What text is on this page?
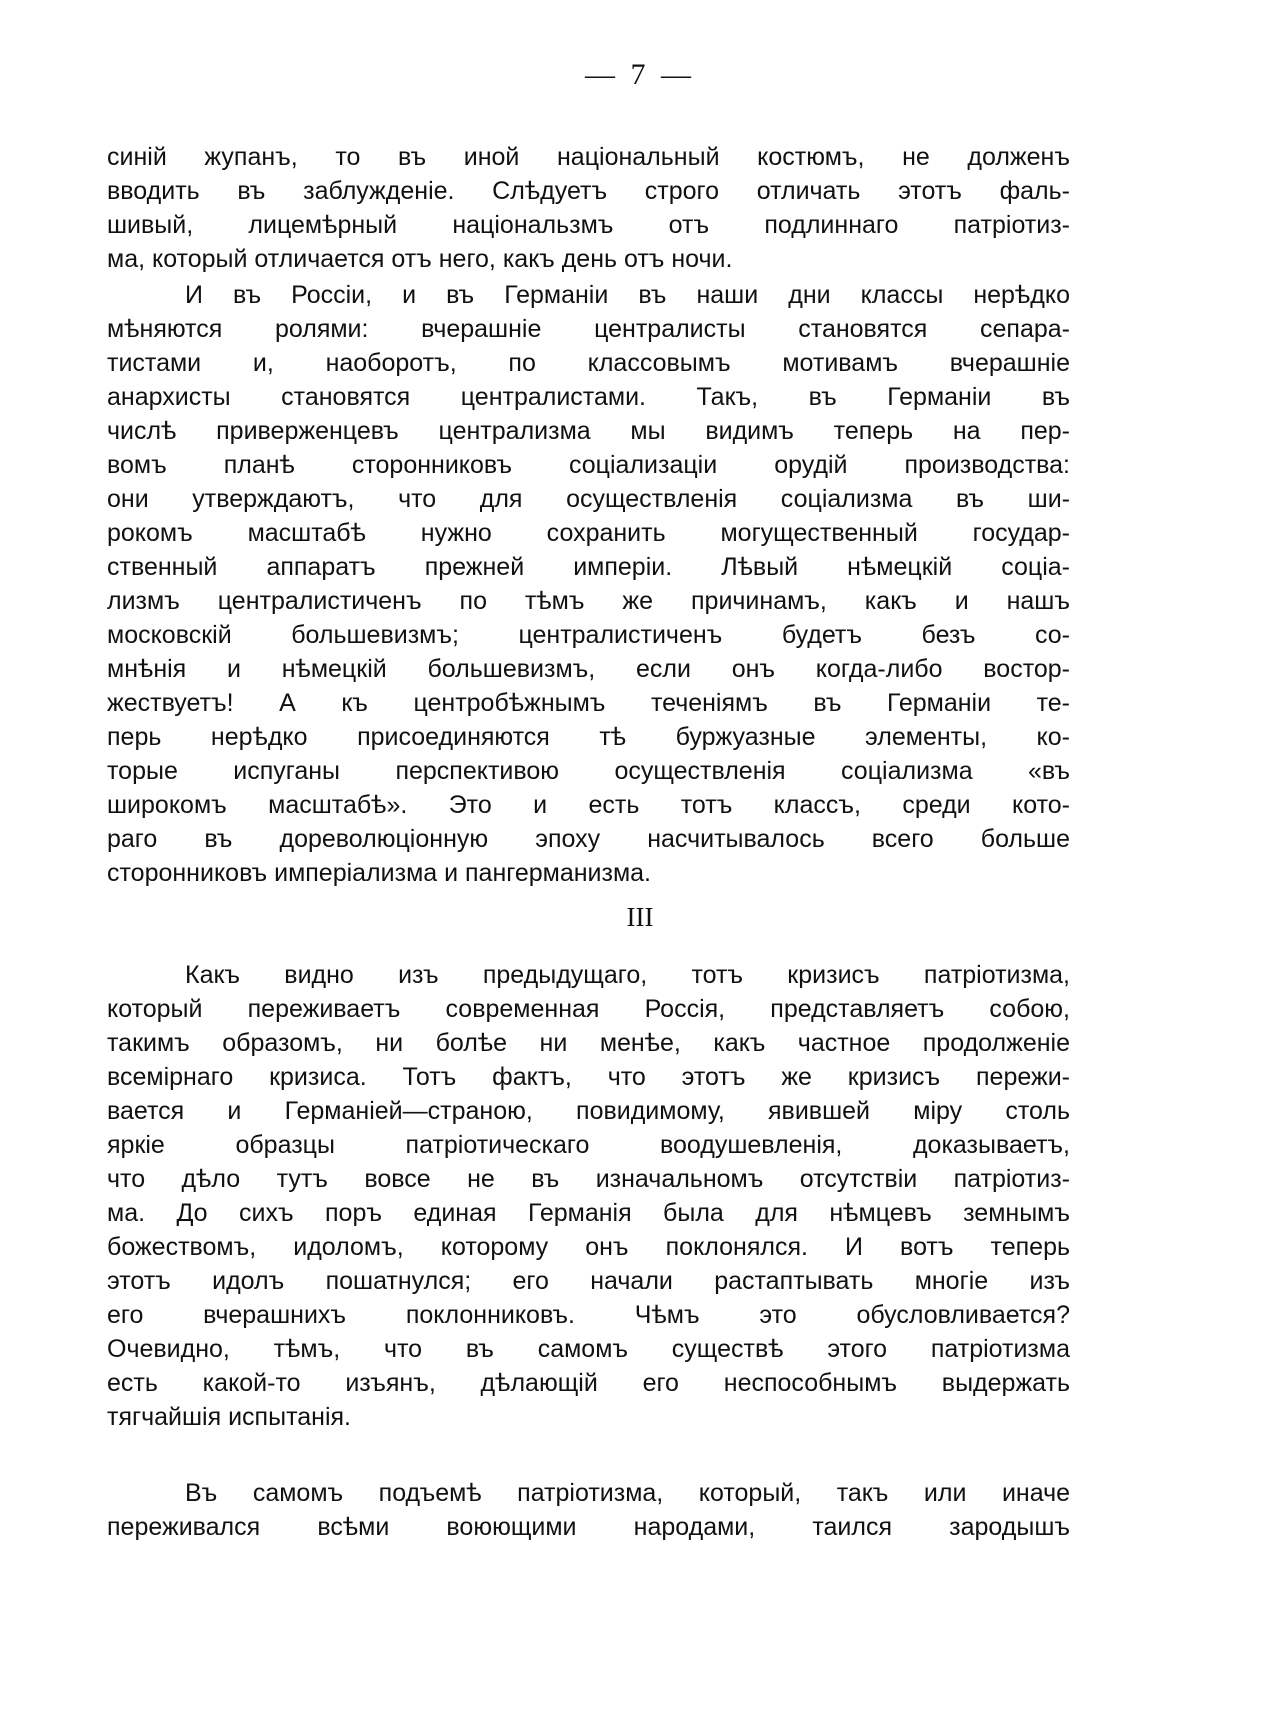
— 7 —
синій жупанъ, то въ иной національный костюмъ, не долженъ
вводить въ заблужденіе. Слѣдуетъ строго отличать этотъ фаль-
шивый, лицемѣрный національзмъ отъ подлиннаго патріотиз-
ма, который отличается отъ него, какъ день отъ ночи.
И въ Россіи, и въ Германіи въ наши дни классы нерѣдко
мѣняются ролями: вчерашніе централисты становятся сепара-
тистами и, наоборотъ, по классовымъ мотивамъ вчерашніе
анархисты становятся централистами. Такъ, въ Германіи въ
числѣ приверженцевъ централизма мы видимъ теперь на пер-
вомъ планѣ сторонниковъ соціализаціи орудій производства:
они утверждаютъ, что для осуществленія соціализма въ ши-
рокомъ масштабѣ нужно сохранить могущественный государ-
ственный аппаратъ прежней имперіи. Лѣвый нѣмецкій соціа-
лизмъ централистиченъ по тѣмъ же причинамъ, какъ и нашъ
московскій большевизмъ; централистиченъ будетъ безъ со-
мнѣнія и нѣмецкій большевизмъ, если онъ когда-либо востор-
жествуетъ! А къ центробѣжнымъ теченіямъ въ Германіи те-
перь нерѣдко присоединяются тѣ буржуазные элементы, ко-
торые испуганы перспективою осуществленія соціализма «въ
широкомъ масштабѣ». Это и есть тотъ классъ, среди кото-
раго въ дореволюціонную эпоху насчитывалось всего больше
сторонниковъ имперіализма и пангерманизма.
III
Какъ видно изъ предыдущаго, тотъ кризисъ патріотизма,
который переживаетъ современная Россія, представляетъ собою,
такимъ образомъ, ни болѣе ни менѣе, какъ частное продолженіе
всемірнаго кризиса. Тотъ фактъ, что этотъ же кризисъ пережи-
вается и Германіей—страною, повидимому, явившей міру столь
яркіе образцы патріотическаго воодушевленія, доказываетъ,
что дѣло тутъ вовсе не въ изначальномъ отсутствіи патріотиз-
ма. До сихъ поръ единая Германія была для нѣмцевъ земнымъ
божествомъ, идоломъ, которому онъ поклонялся. И вотъ теперь
этотъ идолъ пошатнулся; его начали растаптывать многіе изъ
его вчерашнихъ поклонниковъ. Чѣмъ это обусловливается?
Очевидно, тѣмъ, что въ самомъ существѣ этого патріотизма
есть какой-то изъянъ, дѣлающій его неспособнымъ выдержать
тягчайшія испытанія.
Въ самомъ подъемѣ патріотизма, который, такъ или иначе
переживался всѣми воюющими народами, таился зародышъ
